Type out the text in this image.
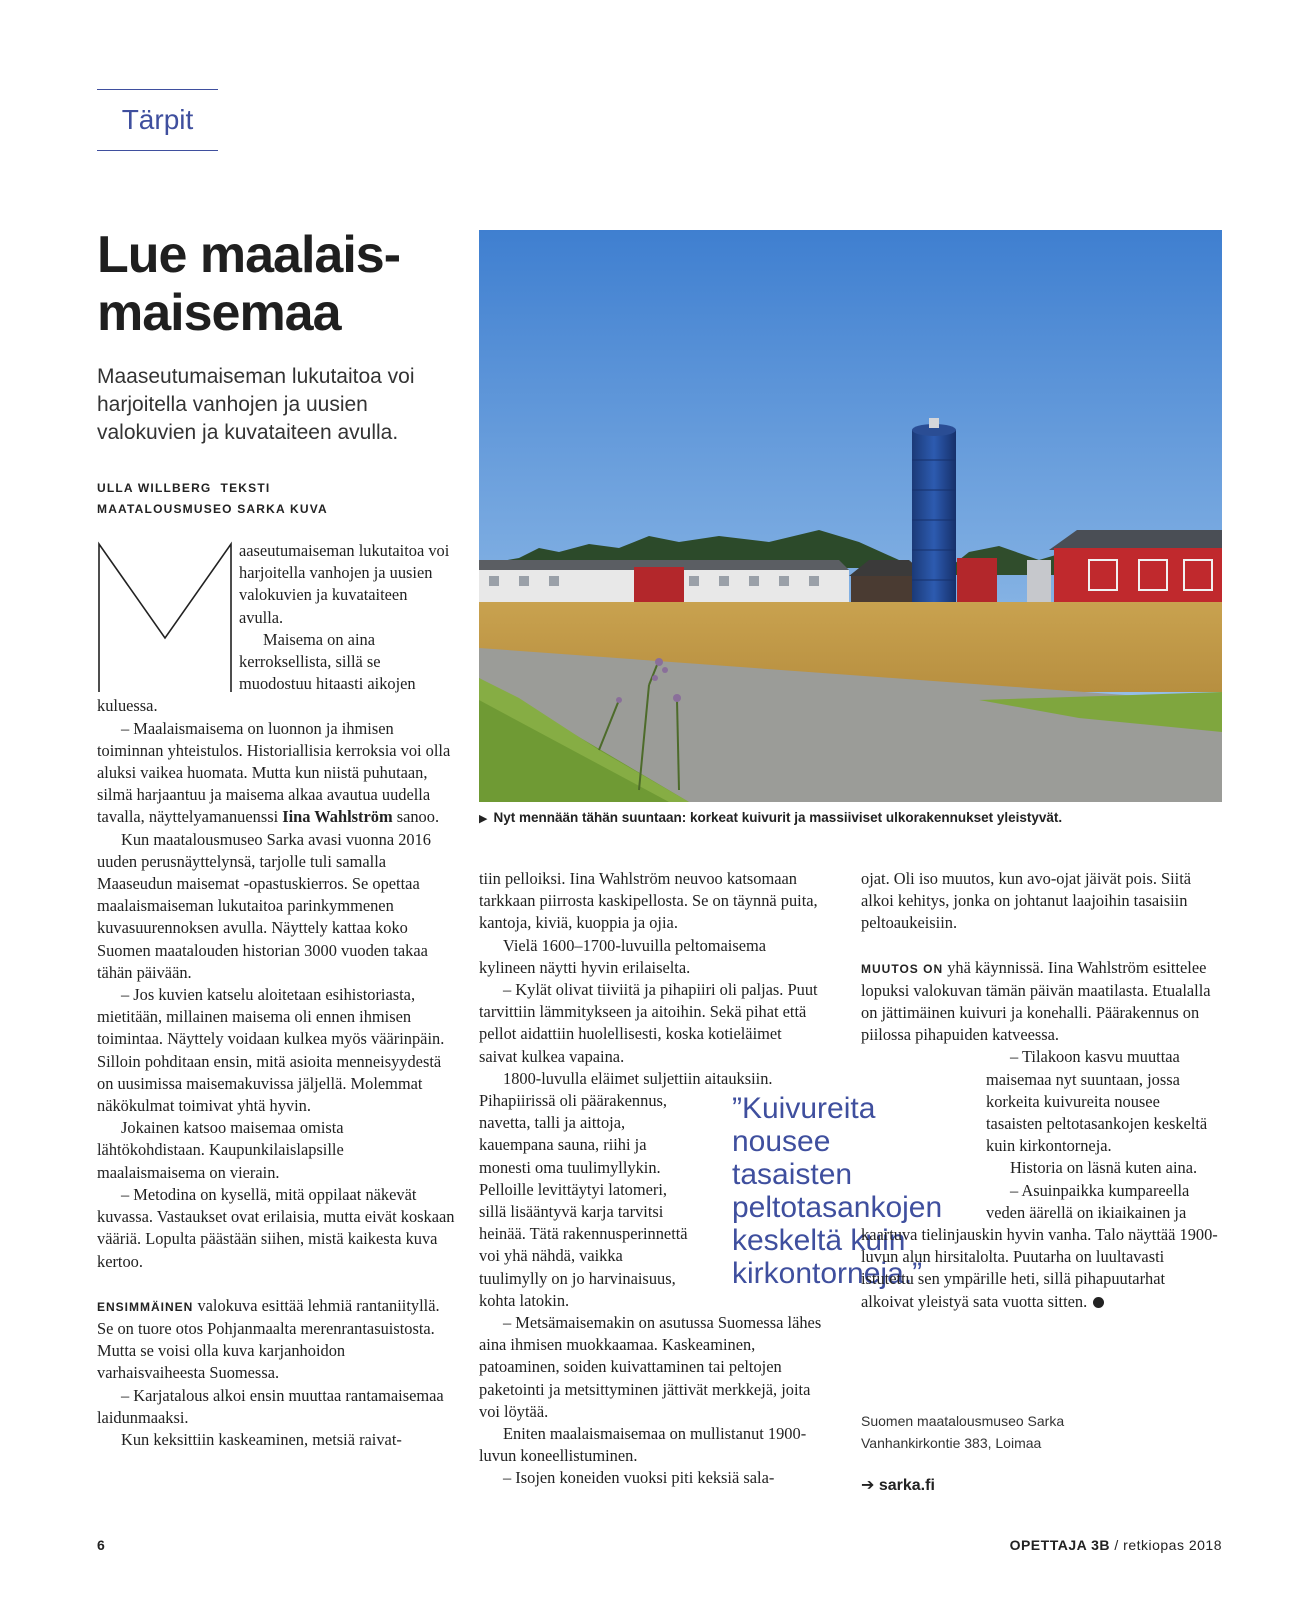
Tärpit
Lue maalais-
maisemaa
Maaseutumaiseman lukutaitoa voi harjoitella vanhojen ja uusien valokuvien ja kuvataiteen avulla.
ULLA WILLBERG  TEKSTI
MAATALOUSMUSEO SARKA KUVA

aaseutumaiseman lukutaitoa voi harjoitella vanhojen ja uusien valokuvien ja kuvataiteen avulla.

Maisema on aina kerroksellista, sillä se muodostuu hitaasti aikojen kuluessa.

– Maalaismaisema on luonnon ja ihmisen toiminnan yhteistulos. Historiallisia kerroksia voi olla aluksi vaikea huomata. Mutta kun niistä puhutaan, silmä harjaantuu ja maisema alkaa avautua uudella tavalla, näyttelyamanuenssi Iina Wahlström sanoo.

Kun maatalousmuseo Sarka avasi vuonna 2016 uuden perusnäyttelynsä, tarjolle tuli samalla Maaseudun maisemat -opastuskierros. Se opettaa maalaismaiseman lukutaitoa parinkymmenen kuvasuurennoksen avulla. Näyttely kattaa koko Suomen maatalouden historian 3000 vuoden takaa tähän päivään.

– Jos kuvien katselu aloitetaan esihistoriasta, mietitään, millainen maisema oli ennen ihmisen toimintaa. Näyttely voidaan kulkea myös väärinpäin. Silloin pohditaan ensin, mitä asioita menneisyydestä on uusimissa maisemakuvissa jäljellä. Molemmat näkökulmat toimivat yhtä hyvin.

Jokainen katsoo maisemaa omista lähtökohdistaan. Kaupunkilaislapsille maalaismaisema on vierain.

– Metodina on kysellä, mitä oppilaat näkevät kuvassa. Vastaukset ovat erilaisia, mutta eivät koskaan vääriä. Lopulta päästään siihen, mistä kaikesta kuva kertoo.

ENSIMMÄINEN valokuva esittää lehmiä rantaniityllä. Se on tuore otos Pohjanmaalta merenrantasuistosta. Mutta se voisi olla kuva karjanhoidon varhaisvaiheesta Suomessa.

– Karjatalous alkoi ensin muuttaa rantamaisemaa laidunmaaksi.

Kun keksittiin kaskeaminen, metsiä raivat-

▶ Nyt mennään tähän suuntaan: korkeat kuivurit ja massiiviset ulkorakennukset yleistyvät.

tiin pelloiksi. Iina Wahlström neuvoo katsomaan tarkkaan piirrosta kaskipellosta. Se on täynnä puita, kantoja, kiviä, kuoppia ja ojia.

Vielä 1600–1700-luvuilla peltomaisema kylineen näytti hyvin erilaiselta.

– Kylät olivat tiiviitä ja pihapiiri oli paljas. Puut tarvittiin lämmitykseen ja aitoihin. Sekä pihat että pellot aidattiin huolellisesti, koska kotieläimet saivat kulkea vapaina.

1800-luvulla eläimet suljettiin aitauksiin.

Pihapiirissä oli päärakennus, navetta, talli ja aittoja, kauempana sauna, riihi ja monesti oma tuulimyllykin. Pelloille levittäytyi latomeri, sillä lisääntyvä karja tarvitsi heinää. Tätä rakennusperinnettä voi yhä nähdä, vaikka tuulimylly on jo harvinaisuus, kohta latokin.

– Metsämaisemakin on asutussa Suomessa lähes aina ihmisen muokkaamaa. Kaskeaminen, patoaminen, soiden kuivattaminen tai peltojen paketointi ja metsittyminen jättivät merkkejä, joita voi löytää.

Eniten maalaismaisemaa on mullistanut 1900-luvun koneellistuminen.

– Isojen koneiden vuoksi piti keksiä sala-

”Kuivureita nousee tasaisten peltotasankojen keskeltä kuin kirkontorneja.”

ojat. Oli iso muutos, kun avo-ojat jäivät pois. Siitä alkoi kehitys, jonka on johtanut laajoihin tasaisiin peltoaukeisiin.

MUUTOS ON yhä käynnissä. Iina Wahlström esittelee lopuksi valokuvan tämän päivän maatilasta. Etualalla on jättimäinen kuivuri ja konehalli. Päärakennus on piilossa pihapuiden katveessa.

– Tilakoon kasvu muuttaa maisemaa nyt suuntaan, jossa korkeita kuivureita nousee tasaisten peltotasankojen keskeltä kuin kirkontorneja.

Historia on läsnä kuten aina.

– Asuinpaikka kumpareella veden äärellä on ikiaikainen ja kaartuva tielinjauskin hyvin vanha. Talo näyttää 1900-luvun alun hirsitalolta. Puutarha on luultavasti istutettu sen ympärille heti, sillä pihapuutarhat alkoivat yleistyä sata vuotta sitten.

Suomen maatalousmuseo Sarka
Vanhankirkontie 383, Loimaa
➔ sarka.fi
6	OPETTAJA 3B / retkiopas 2018
